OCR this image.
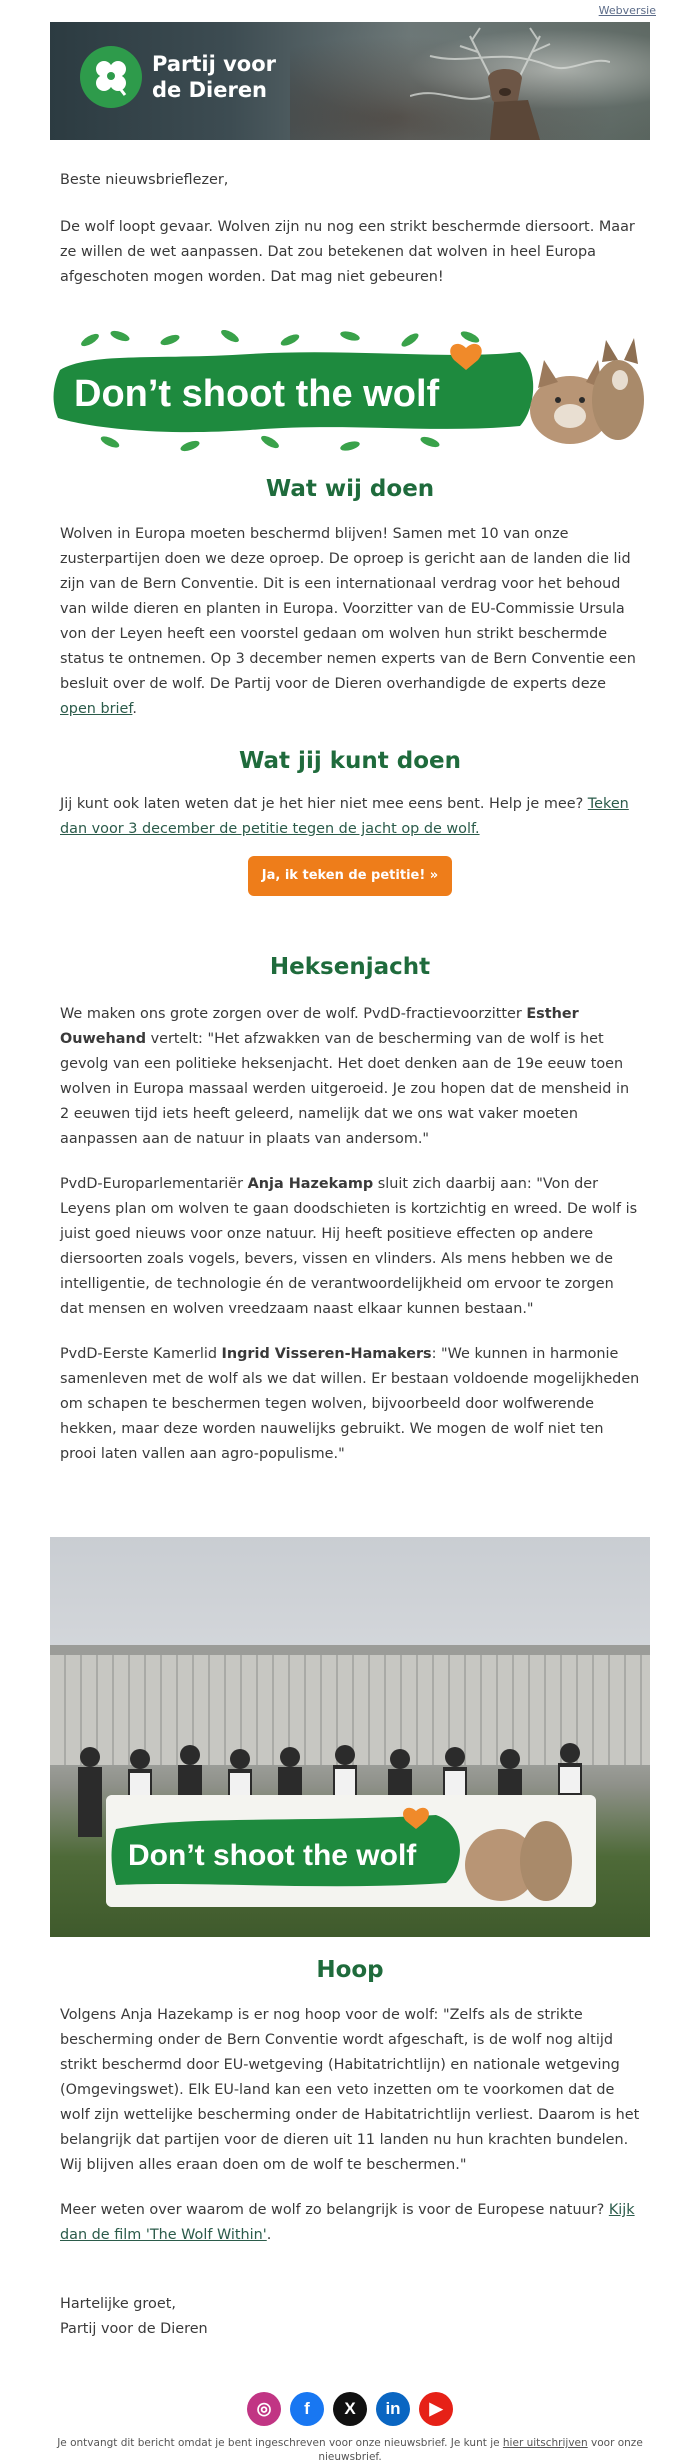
Webversie
Partij voor
de Dieren

Beste nieuwsbrieflezer,

De wolf loopt gevaar. Wolven zijn nu nog een strikt beschermde diersoort. Maar ze willen de wet aanpassen. Dat zou betekenen dat wolven in heel Europa afgeschoten mogen worden. Dat mag niet gebeuren!

Don’t shoot the wolf
Wat wij doen

Wolven in Europa moeten beschermd blijven! Samen met 10 van onze zusterpartijen doen we deze oproep. De oproep is gericht aan de landen die lid zijn van de Bern Conventie. Dit is een internationaal verdrag voor het behoud van wilde dieren en planten in Europa. Voorzitter van de EU-Commissie Ursula von der Leyen heeft een voorstel gedaan om wolven hun strikt beschermde status te ontnemen. Op 3 december nemen experts van de Bern Conventie een besluit over de wolf. De Partij voor de Dieren overhandigde de experts deze open brief.

Wat jij kunt doen

Jij kunt ook laten weten dat je het hier niet mee eens bent. Help je mee? Teken dan voor 3 december de petitie tegen de jacht op de wolf.

Ja, ik teken de petitie! »
Heksenjacht

We maken ons grote zorgen over de wolf. PvdD-fractievoorzitter Esther Ouwehand vertelt: "Het afzwakken van de bescherming van de wolf is het gevolg van een politieke heksenjacht. Het doet denken aan de 19e eeuw toen wolven in Europa massaal werden uitgeroeid. Je zou hopen dat de mensheid in 2 eeuwen tijd iets heeft geleerd, namelijk dat we ons wat vaker moeten aanpassen aan de natuur in plaats van andersom."

PvdD-Europarlementariër Anja Hazekamp sluit zich daarbij aan: "Von der Leyens plan om wolven te gaan doodschieten is kortzichtig en wreed. De wolf is juist goed nieuws voor onze natuur. Hij heeft positieve effecten op andere diersoorten zoals vogels, bevers, vissen en vlinders. Als mens hebben we de intelligentie, de technologie én de verantwoordelijkheid om ervoor te zorgen dat mensen en wolven vreedzaam naast elkaar kunnen bestaan."

PvdD-Eerste Kamerlid Ingrid Visseren-Hamakers: "We kunnen in harmonie samenleven met de wolf als we dat willen. Er bestaan voldoende mogelijkheden om schapen te beschermen tegen wolven, bijvoorbeeld door wolfwerende hekken, maar deze worden nauwelijks gebruikt. We mogen de wolf niet ten prooi laten vallen aan agro-populisme."

Don’t shoot the wolf
Hoop

Volgens Anja Hazekamp is er nog hoop voor de wolf: "Zelfs als de strikte bescherming onder de Bern Conventie wordt afgeschaft, is de wolf nog altijd strikt beschermd door EU-wetgeving (Habitatrichtlijn) en nationale wetgeving (Omgevingswet). Elk EU-land kan een veto inzetten om te voorkomen dat de wolf zijn wettelijke bescherming onder de Habitatrichtlijn verliest. Daarom is het belangrijk dat partijen voor de dieren uit 11 landen nu hun krachten bundelen. Wij blijven alles eraan doen om de wolf te beschermen."

Meer weten over waarom de wolf zo belangrijk is voor de Europese natuur? Kijk dan de film 'The Wolf Within'.

Hartelijke groet,

Partij voor de Dieren

◎ f X in ▶
Je ontvangt dit bericht omdat je bent ingeschreven voor onze nieuwsbrief. Je kunt je hier uitschrijven voor onze nieuwsbrief.
